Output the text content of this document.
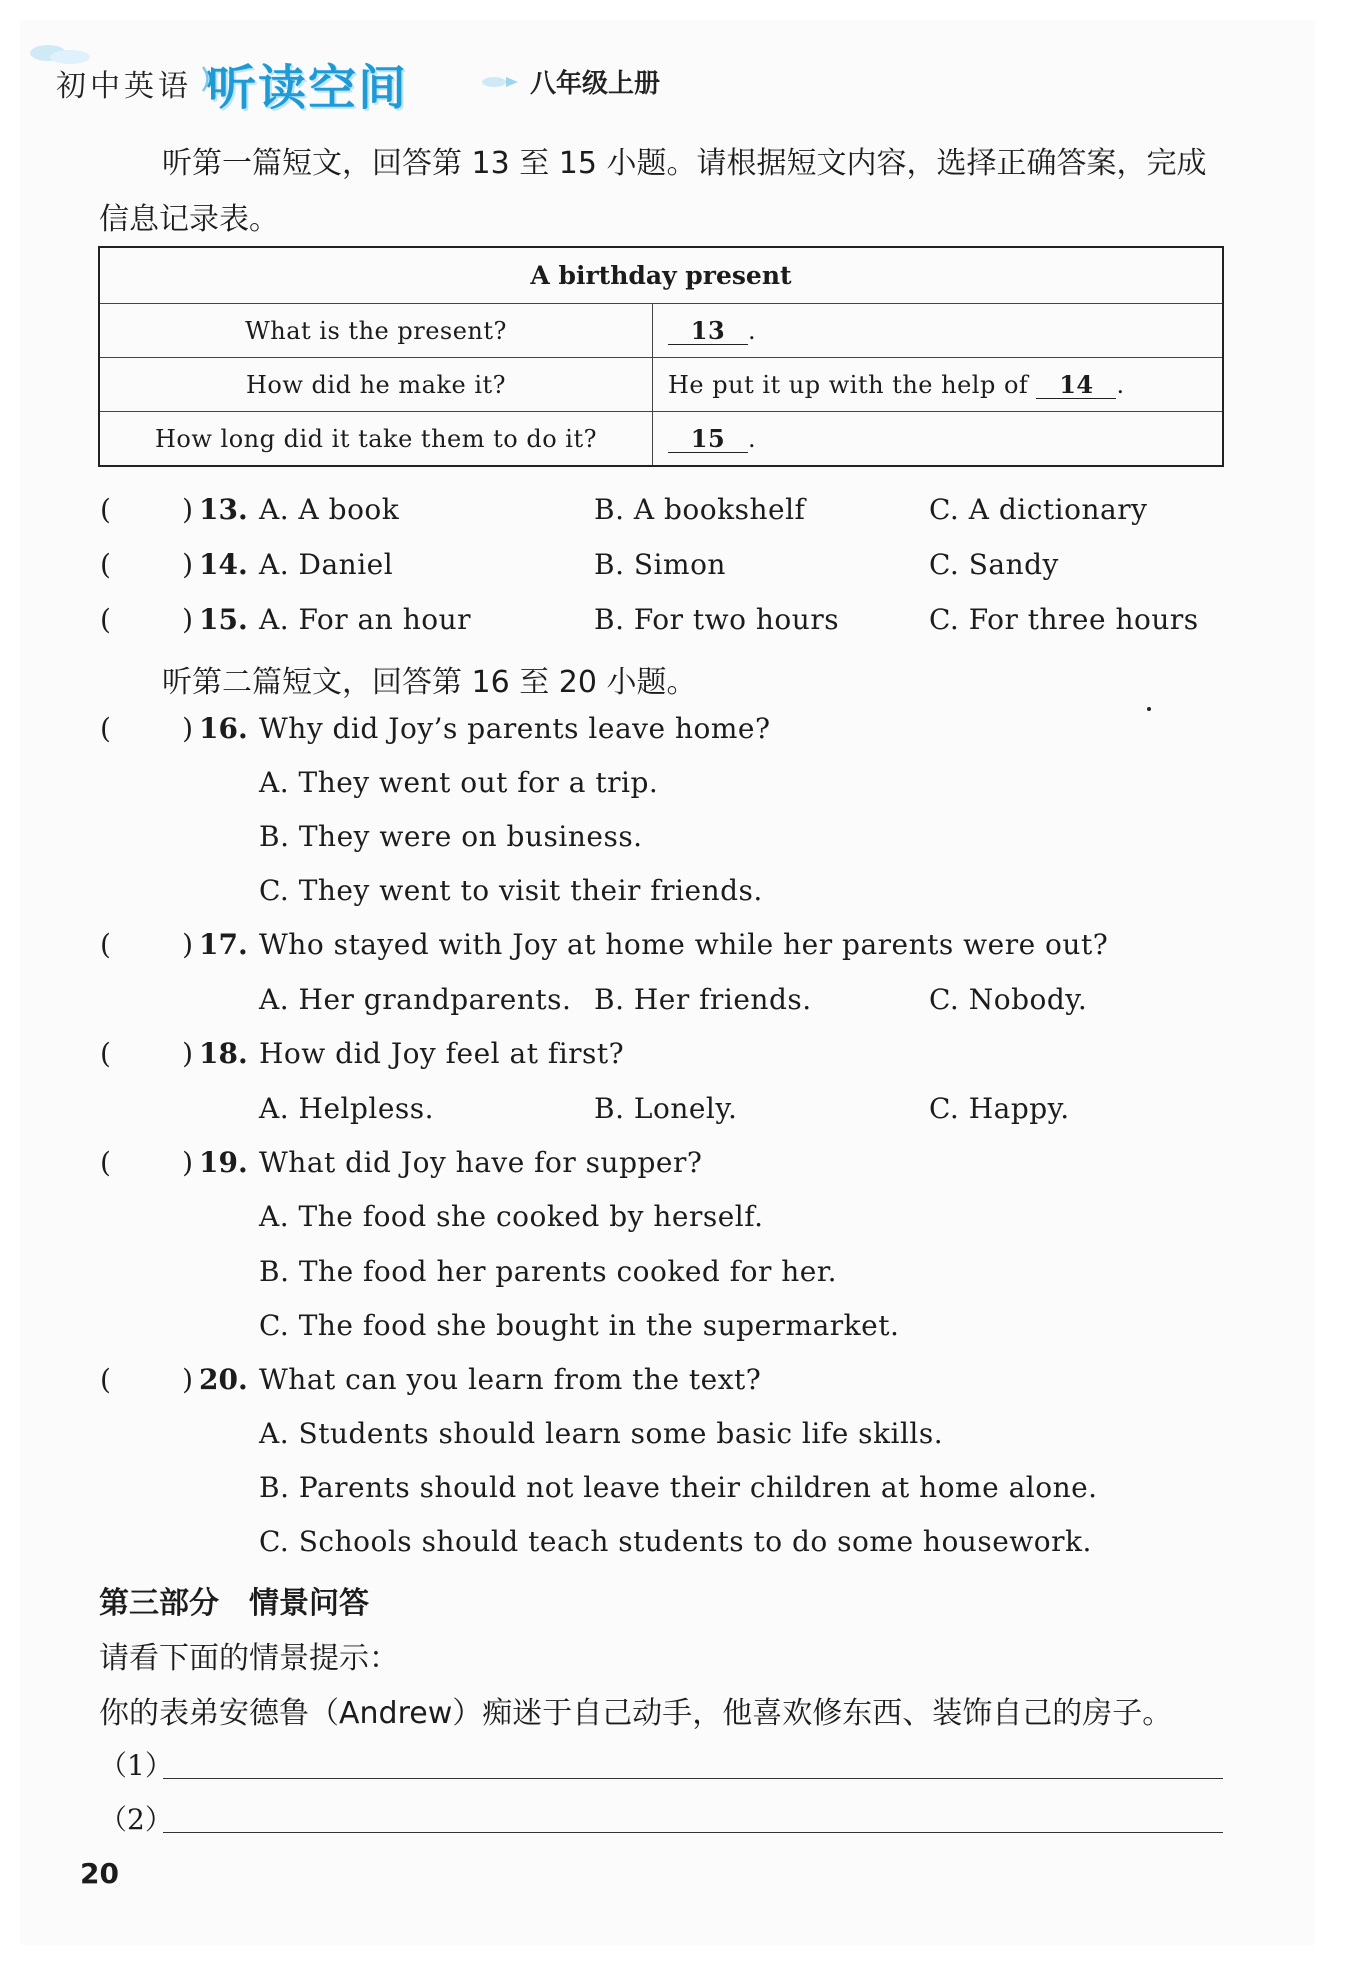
初中英语 听读空间	八年级上册
听第一篇短文，回答第 13 至 15 小题。请根据短文内容，选择正确答案，完成
信息记录表。
A birthday present	
What is the present?	13 .
How did he make it?	He put it up with the help of 14 .
How long did it take them to do it?	15 .
(        ) 13. A. A book	B. A bookshelf	C. A dictionary
(        ) 14. A. Daniel	B. Simon	C. Sandy
(        ) 15. A. For an hour	B. For two hours	C. For three hours
听第二篇短文，回答第 16 至 20 小题。
(        ) 16. Why did Joy’s parents leave home?
A. They went out for a trip.
B. They were on business.
C. They went to visit their friends.
(        ) 17. Who stayed with Joy at home while her parents were out?
A. Her grandparents. B. Her friends.	C. Nobody.
(        ) 18. How did Joy feel at first?
A. Helpless.	B. Lonely.	C. Happy.
(        ) 19. What did Joy have for supper?
A. The food she cooked by herself.
B. The food her parents cooked for her.
C. The food she bought in the supermarket.
(        ) 20. What can you learn from the text?
A. Students should learn some basic life skills.
B. Parents should not leave their children at home alone.
C. Schools should teach students to do some housework.
第三部分　情景问答
请看下面的情景提示：
你的表弟安德鲁（Andrew）痴迷于自己动手，他喜欢修东西、装饰自己的房子。
（1）
（2）
20
